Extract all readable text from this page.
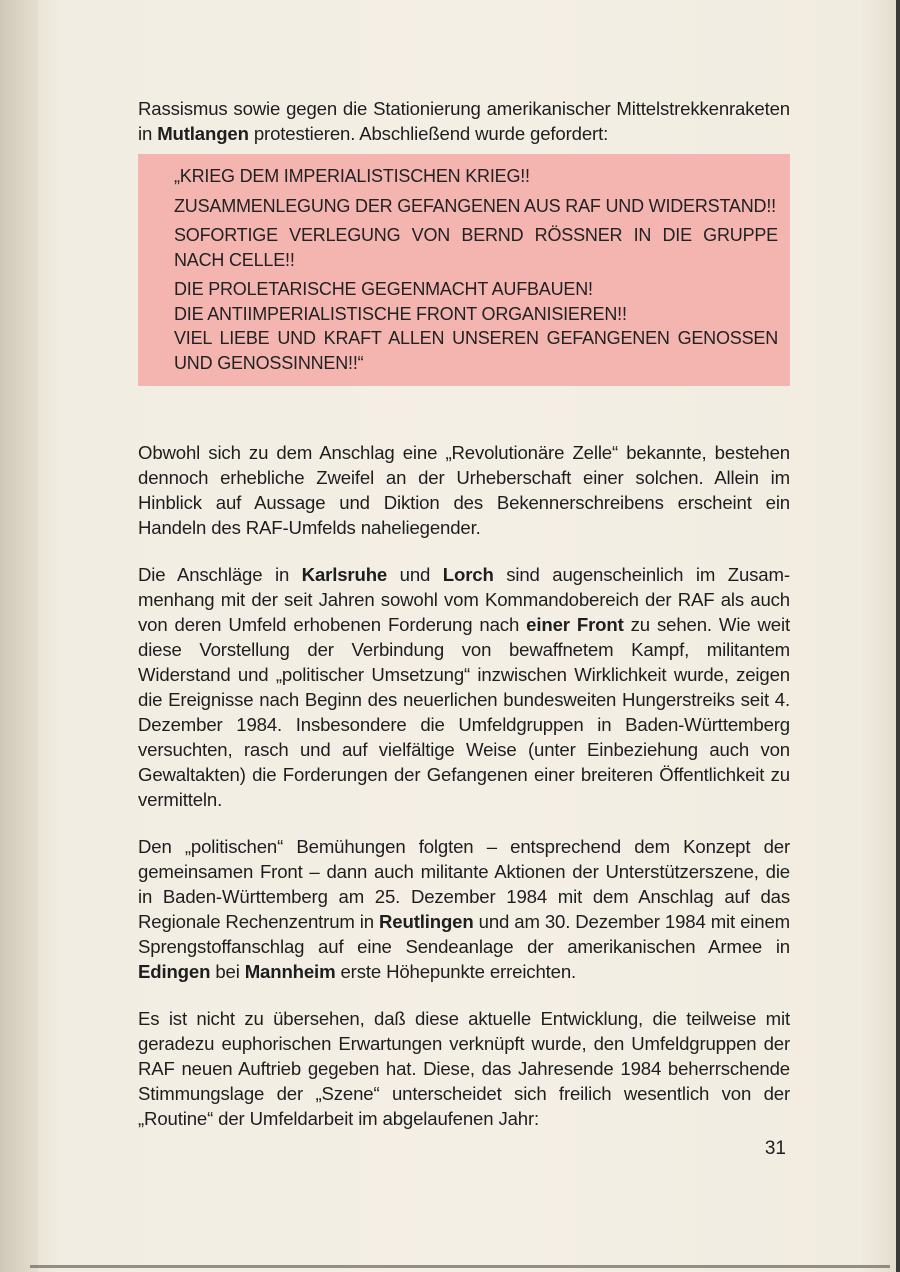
Rassismus sowie gegen die Stationierung amerikanischer Mittelstrekkenraketen in Mutlangen protestieren. Abschließend wurde gefordert:

„KRIEG DEM IMPERIALISTISCHEN KRIEG!!
ZUSAMMENLEGUNG DER GEFANGENEN AUS RAF UND WIDERSTAND!!
SOFORTIGE VERLEGUNG VON BERND RÖSSNER IN DIE GRUPPE NACH CELLE!!
DIE PROLETARISCHE GEGENMACHT AUFBAUEN!
DIE ANTIIMPERIALISTISCHE FRONT ORGANISIEREN!!
VIEL LIEBE UND KRAFT ALLEN UNSEREN GEFANGENEN GENOSSEN UND GENOSSINNEN!!“

Obwohl sich zu dem Anschlag eine „Revolutionäre Zelle“ bekannte, bestehen dennoch erhebliche Zweifel an der Urheberschaft einer solchen. Allein im Hinblick auf Aussage und Diktion des Bekennerschreibens erscheint ein Handeln des RAF-Umfelds naheliegender.

Die Anschläge in Karlsruhe und Lorch sind augenscheinlich im Zusammenhang mit der seit Jahren sowohl vom Kommandobereich der RAF als auch von deren Umfeld erhobenen Forderung nach einer Front zu sehen. Wie weit diese Vorstellung der Verbindung von bewaffnetem Kampf, militantem Widerstand und „politischer Umsetzung“ inzwischen Wirklichkeit wurde, zeigen die Ereignisse nach Beginn des neuerlichen bundesweiten Hungerstreiks seit 4. Dezember 1984. Insbesondere die Umfeldgruppen in Baden-Württemberg versuchten, rasch und auf vielfältige Weise (unter Einbeziehung auch von Gewaltakten) die Forderungen der Gefangenen einer breiteren Öffentlichkeit zu vermitteln.

Den „politischen“ Bemühungen folgten – entsprechend dem Konzept der gemeinsamen Front – dann auch militante Aktionen der Unterstützerszene, die in Baden-Württemberg am 25. Dezember 1984 mit dem Anschlag auf das Regionale Rechenzentrum in Reutlingen und am 30. Dezember 1984 mit einem Sprengstoffanschlag auf eine Sendeanlage der amerikanischen Armee in Edingen bei Mannheim erste Höhepunkte erreichten.

Es ist nicht zu übersehen, daß diese aktuelle Entwicklung, die teilweise mit geradezu euphorischen Erwartungen verknüpft wurde, den Umfeldgruppen der RAF neuen Auftrieb gegeben hat. Diese, das Jahresende 1984 beherrschende Stimmungslage der „Szene“ unterscheidet sich freilich wesentlich von der „Routine“ der Umfeldarbeit im abgelaufenen Jahr:

31
